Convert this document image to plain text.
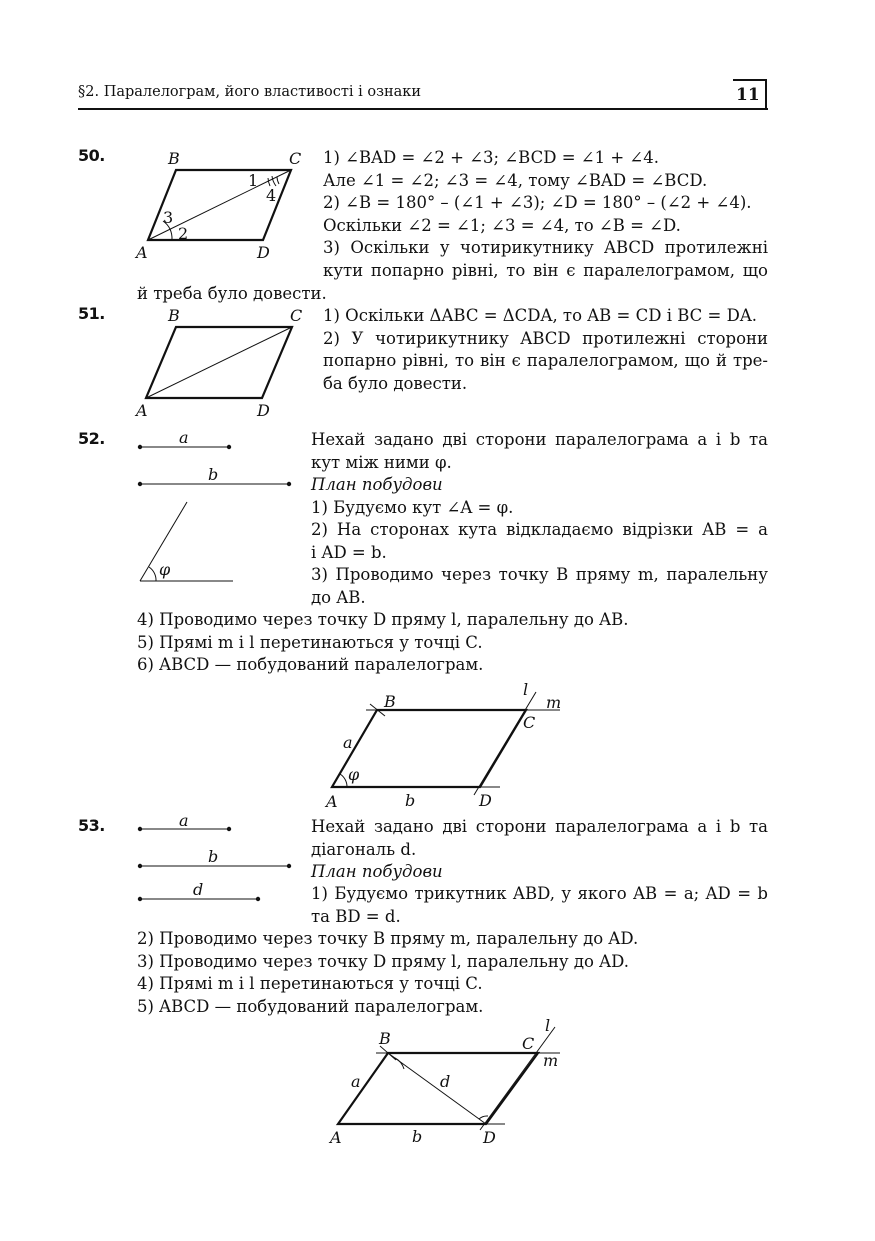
§2. Паралелограм, його властивості і ознаки	11
50.	B	C
A	D
1
2
3
4
1) ∠BAD = ∠2 + ∠3; ∠BCD = ∠1 + ∠4.
Але ∠1 = ∠2; ∠3 = ∠4, тому ∠BAD = ∠BCD.
2) ∠B = 180° – (∠1 + ∠3); ∠D = 180° – (∠2 + ∠4).
Оскільки ∠2 = ∠1; ∠3 = ∠4, то ∠B = ∠D.
3) Оскільки у чотирикутнику ABCD протилежні
кути попарно рівні, то він є паралелограмом, що
й треба було довести.
51.	B	C
A	D
1) Оскільки ΔABC = ΔCDA, то AB = CD і BC = DA.
2) У чотирикутнику ABCD протилежні сторони
попарно рівні, то він є паралелограмом, що й тре-
ба було довести.
52.	a
b
φ
Нехай задано дві сторони паралелограма a і b та
кут між ними φ.
План побудови
1) Будуємо кут ∠A = φ.
2) На сторонах кута відкладаємо відрізки AB = a
і AD = b.
3) Проводимо через точку B пряму m, паралельну
до AB.
4) Проводимо через точку D пряму l, паралельну до AB.
5) Прямі m і l перетинаються у точці C.
6) ABCD — побудований паралелограм.
B
C
A	D
a
b
φ
l
m
53.	a
b
d
Нехай задано дві сторони паралелограма a і b та
діагональ d.
План побудови
1) Будуємо трикутник ABD, у якого AB = a; AD = b
та BD = d.
2) Проводимо через точку B пряму m, паралельну до AD.
3) Проводимо через точку D пряму l, паралельну до AD.
4) Прямі m і l перетинаються у точці C.
5) ABCD — побудований паралелограм.
B	C
A	D
a
b
d
l
m
